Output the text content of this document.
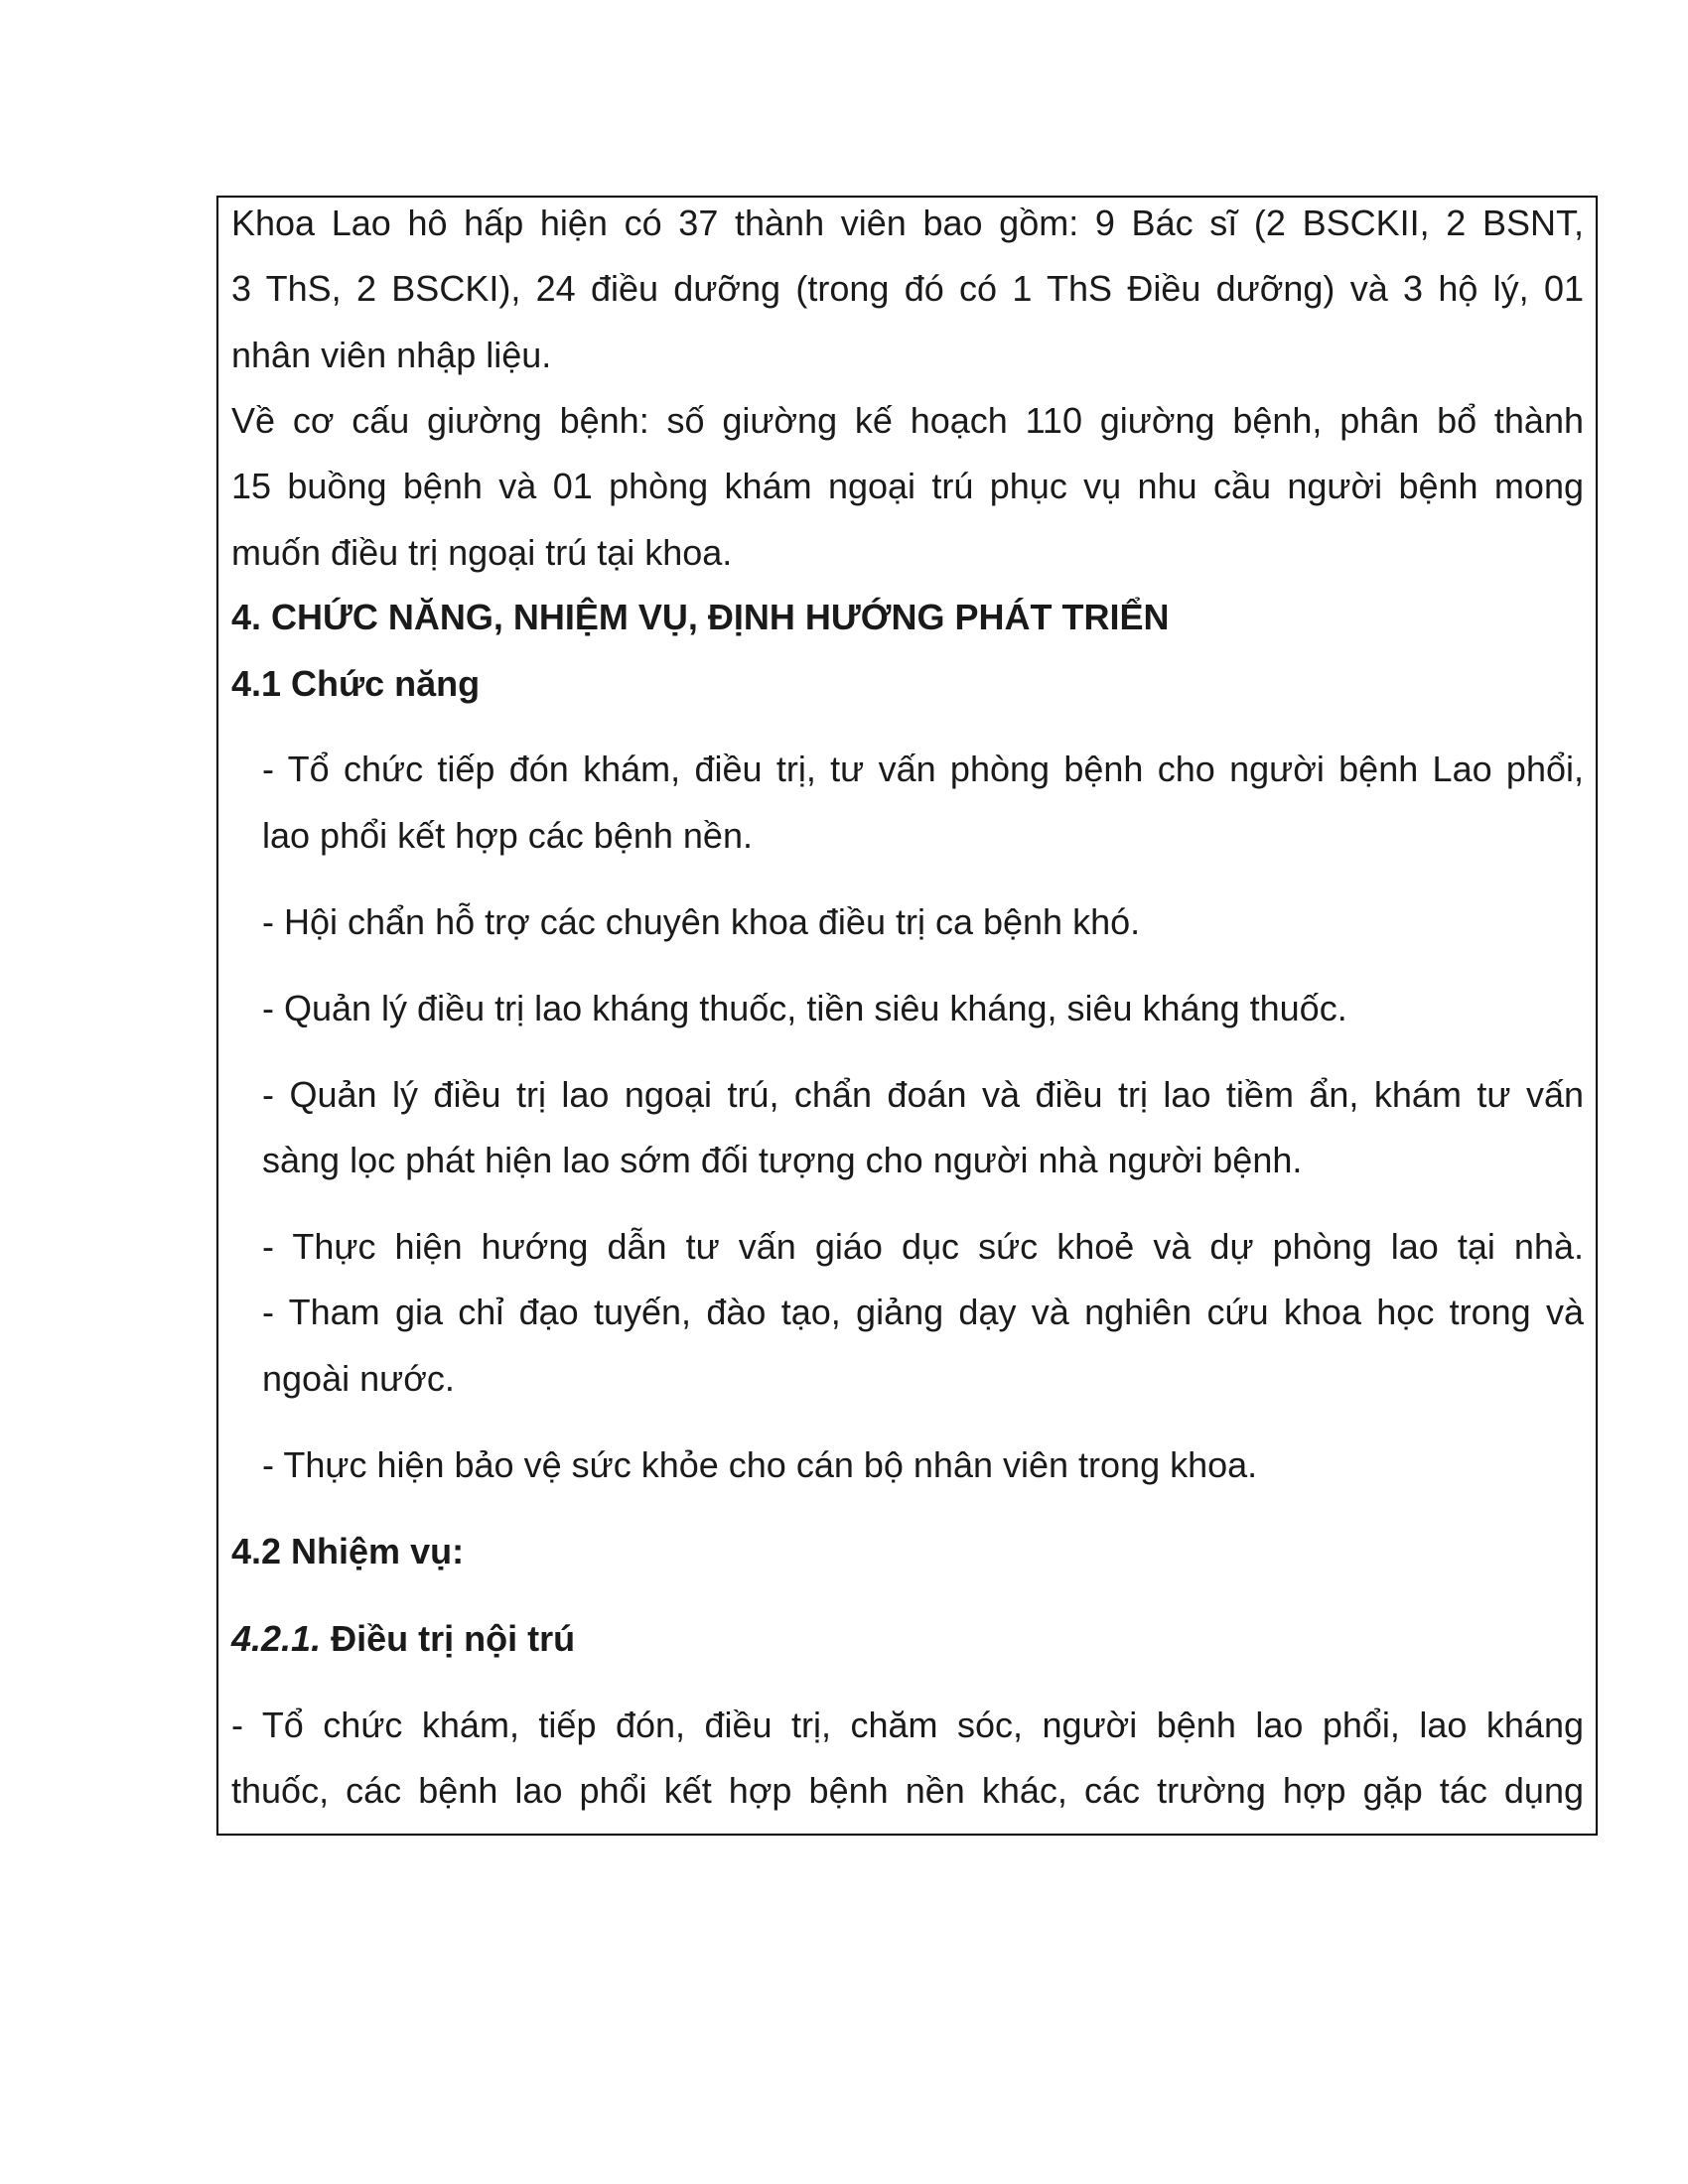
Khoa Lao hô hấp hiện có 37 thành viên bao gồm: 9 Bác sĩ (2 BSCKII, 2 BSNT,
3 ThS, 2 BSCKI), 24 điều dưỡng (trong đó có 1 ThS Điều dưỡng) và 3 hộ lý, 01
nhân viên nhập liệu.
Về cơ cấu giường bệnh: số giường kế hoạch 110 giường bệnh, phân bổ thành
15 buồng bệnh và 01 phòng khám ngoại trú phục vụ nhu cầu người bệnh mong
muốn điều trị ngoại trú tại khoa.
4. CHỨC NĂNG, NHIỆM VỤ, ĐỊNH HƯỚNG PHÁT TRIỂN
4.1 Chức năng
- Tổ chức tiếp đón khám, điều trị, tư vấn phòng bệnh cho người bệnh Lao phổi,
lao phổi kết hợp các bệnh nền.
- Hội chẩn hỗ trợ các chuyên khoa điều trị ca bệnh khó.
- Quản lý điều trị lao kháng thuốc, tiền siêu kháng, siêu kháng thuốc.
- Quản lý điều trị lao ngoại trú, chẩn đoán và điều trị lao tiềm ẩn, khám tư vấn
sàng lọc phát hiện lao sớm đối tượng cho người nhà người bệnh.
- Thực hiện hướng dẫn tư vấn giáo dục sức khoẻ và dự phòng lao tại nhà.
- Tham gia chỉ đạo tuyến, đào tạo, giảng dạy và nghiên cứu khoa học trong và
ngoài nước.
- Thực hiện bảo vệ sức khỏe cho cán bộ nhân viên trong khoa.
4.2 Nhiệm vụ:
4.2.1. Điều trị nội trú
- Tổ chức khám, tiếp đón, điều trị, chăm sóc, người bệnh lao phổi, lao kháng
thuốc, các bệnh lao phổi kết hợp bệnh nền khác, các trường hợp gặp tác dụng
